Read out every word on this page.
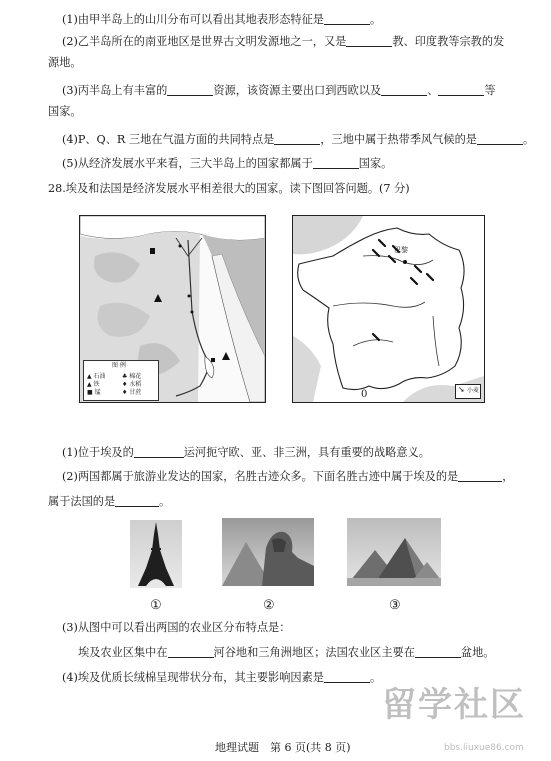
(1)由甲半岛上的山川分布可以看出其地表形态特征是	。
(2)乙半岛所在的南亚地区是世界古文明发源地之一，又是	教、印度教等宗教的发
源地。
(3)丙半岛上有丰富的	资源，该资源主要出口到西欧以及	、	等
国家。
(4)P、Q、R 三地在气温方面的共同特点是	，三地中属于热带季风气候的是	。
(5)从经济发展水平来看，三大半岛上的国家都属于	国家。
28.埃及和法国是经济发展水平相差很大的国家。读下图回答问题。(7 分)
图 例
▲ 石油	♣ 棉花
▲ 铁	♦ 水稻
■ 锰	♦ 甘蔗
巴黎
0	➘ 小麦
(1)位于埃及的	运河扼守欧、亚、非三洲，具有重要的战略意义。
(2)两国都属于旅游业发达的国家，名胜古迹众多。下面名胜古迹中属于埃及的是	，
属于法国的是	。
①	②	③
(3)从图中可以看出两国的农业区分布特点是：
埃及农业区集中在	河谷地和三角洲地区；法国农业区主要在	盆地。
(4)埃及优质长绒棉呈现带状分布，其主要影响因素是	。
地理试题　第 6 页(共 8 页)
留学社区
bbs.liuxue86.com
